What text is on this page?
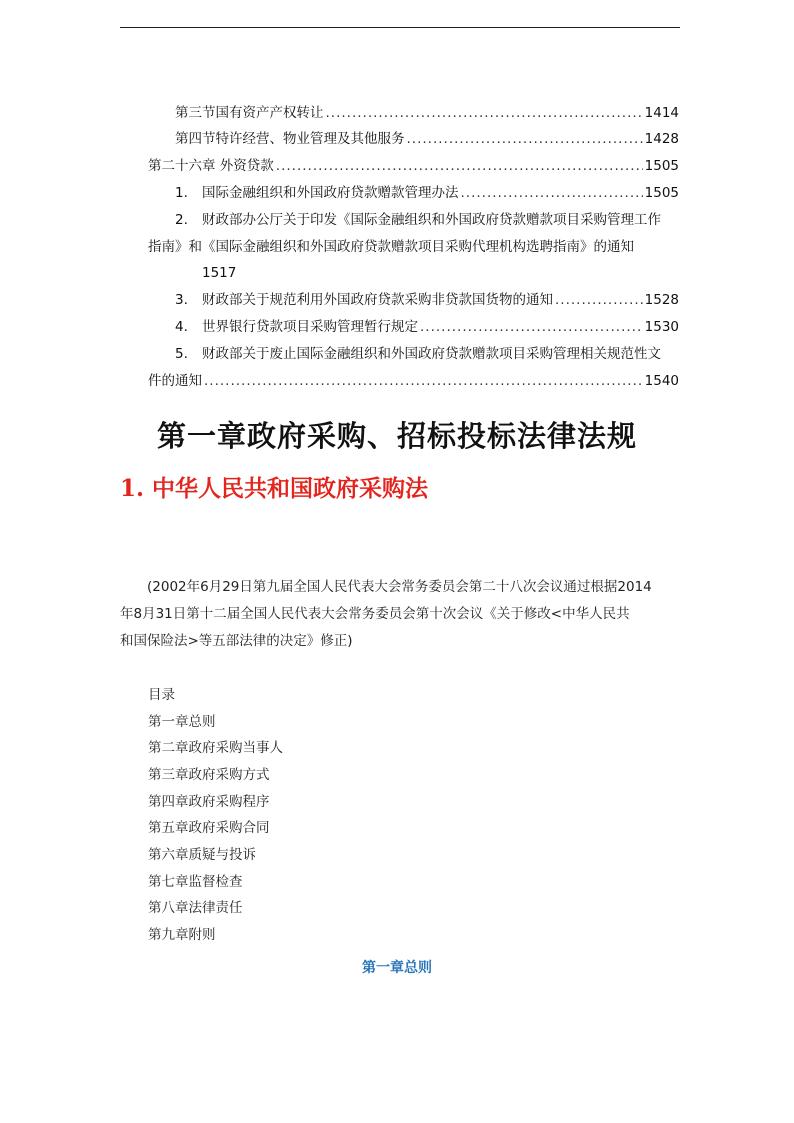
第三节国有资产产权转让 .....	1414
第四节特许经营、物业管理及其他服务 .....	1428
第二十六章 外资贷款 .....	1505
1. 国际金融组织和外国政府贷款赠款管理办法 .....	1505
2. 财政部办公厅关于印发《国际金融组织和外国政府贷款赠款项目采购管理工作
指南》和《国际金融组织和外国政府贷款赠款项目采购代理机构选聘指南》的通知
1517
3. 财政部关于规范利用外国政府贷款采购非贷款国货物的通知 .....	1528
4. 世界银行贷款项目采购管理暂行规定 .....	1530
5. 财政部关于废止国际金融组织和外国政府贷款赠款项目采购管理相关规范性文
件的通知 .....	1540
第一章政府采购、招标投标法律法规
1. 中华人民共和国政府采购法
(2002年6月29日第九届全国人民代表大会常务委员会第二十八次会议通过根据2014
年8月31日第十二届全国人民代表大会常务委员会第十次会议《关于修改<中华人民共
和国保险法>等五部法律的决定》修正)
目录
第一章总则
第二章政府采购当事人
第三章政府采购方式
第四章政府采购程序
第五章政府采购合同
第六章质疑与投诉
第七章监督检查
第八章法律责任
第九章附则
第一章总则
